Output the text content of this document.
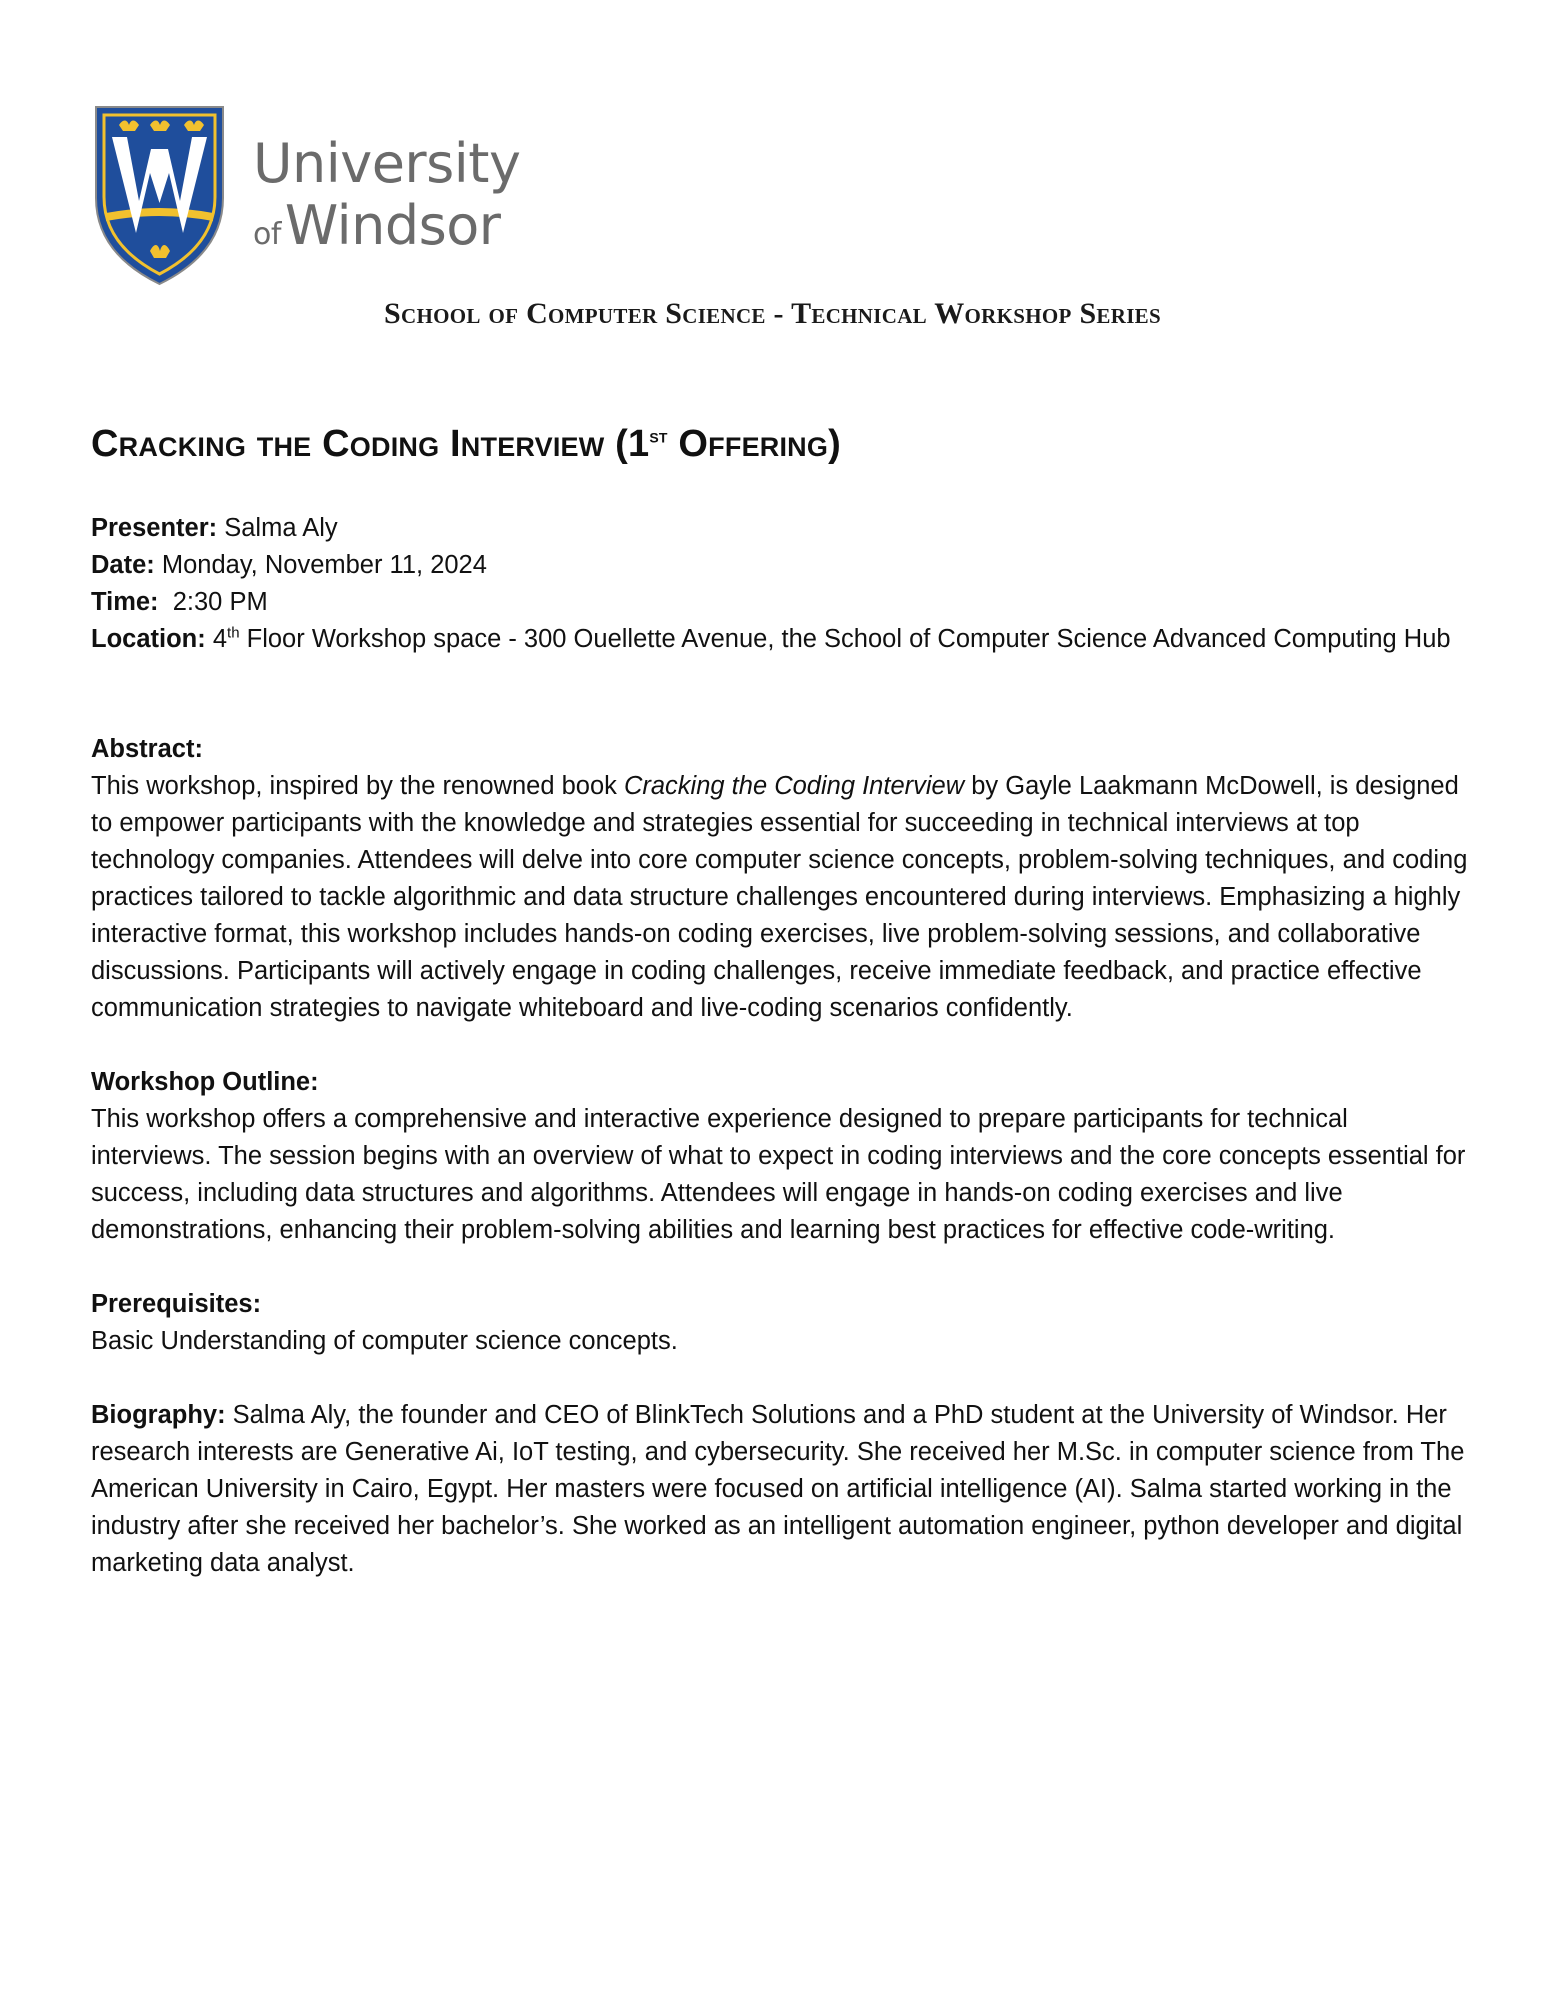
University
ofWindsor
School of Computer Science - Technical Workshop Series
Cracking the Coding Interview (1st Offering)

Presenter: Salma Aly

Date: Monday, November 11, 2024

Time:  2:30 PM

Location: 4th Floor Workshop space - 300 Ouellette Avenue, the School of Computer Science Advanced Computing Hub

Abstract:

This workshop, inspired by the renowned book Cracking the Coding Interview by Gayle Laakmann McDowell, is designed to empower participants with the knowledge and strategies essential for succeeding in technical interviews at top technology companies. Attendees will delve into core computer science concepts, problem-solving techniques, and coding practices tailored to tackle algorithmic and data structure challenges encountered during interviews. Emphasizing a highly interactive format, this workshop includes hands-on coding exercises, live problem-solving sessions, and collaborative discussions. Participants will actively engage in coding challenges, receive immediate feedback, and practice effective communication strategies to navigate whiteboard and live-coding scenarios confidently.

Workshop Outline:

This workshop offers a comprehensive and interactive experience designed to prepare participants for technical interviews. The session begins with an overview of what to expect in coding interviews and the core concepts essential for success, including data structures and algorithms. Attendees will engage in hands-on coding exercises and live demonstrations, enhancing their problem-solving abilities and learning best practices for effective code-writing.

Prerequisites:

Basic Understanding of computer science concepts.

Biography: Salma Aly, the founder and CEO of BlinkTech Solutions and a PhD student at the University of Windsor. Her research interests are Generative Ai, IoT testing, and cybersecurity. She received her M.Sc. in computer science from The American University in Cairo, Egypt. Her masters were focused on artificial intelligence (AI). Salma started working in the industry after she received her bachelor’s. She worked as an intelligent automation engineer, python developer and digital marketing data analyst.
